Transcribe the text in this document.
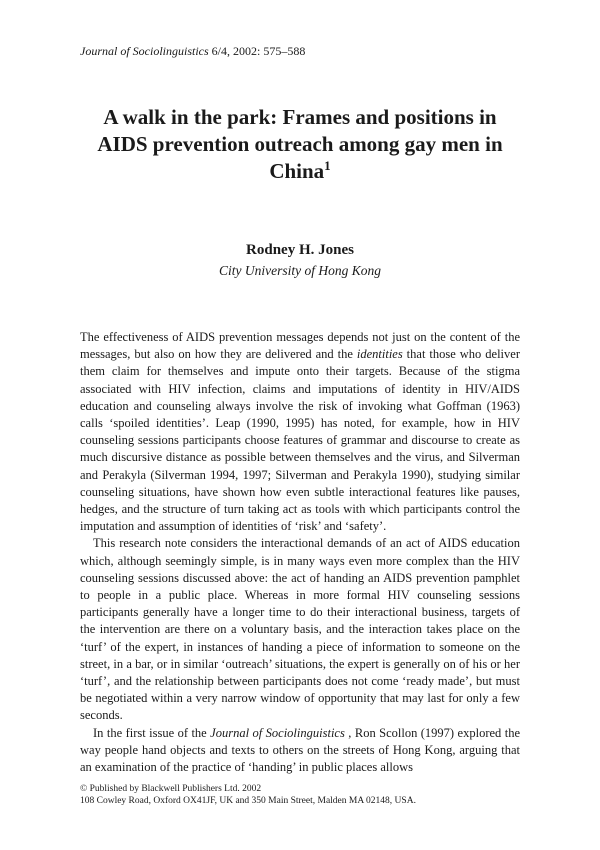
Journal of Sociolinguistics 6/4, 2002: 575–588
A walk in the park: Frames and positions in AIDS prevention outreach among gay men in China$^1$
Rodney H. Jones
City University of Hong Kong

The effectiveness of AIDS prevention messages depends not just on the content of the messages, but also on how they are delivered and the identities that those who deliver them claim for themselves and impute onto their targets. Because of the stigma associated with HIV infection, claims and imputations of identity in HIV/AIDS education and counseling always involve the risk of invoking what Goffman (1963) calls ‘spoiled identities’. Leap (1990, 1995) has noted, for example, how in HIV counseling sessions participants choose features of grammar and discourse to create as much discursive distance as possible between themselves and the virus, and Silverman and Perakyla (Silverman 1994, 1997; Silverman and Perakyla 1990), studying similar counseling situations, have shown how even subtle interactional features like pauses, hedges, and the structure of turn taking act as tools with which participants control the imputation and assumption of identities of ‘risk’ and ‘safety’.

This research note considers the interactional demands of an act of AIDS education which, although seemingly simple, is in many ways even more complex than the HIV counseling sessions discussed above: the act of handing an AIDS prevention pamphlet to people in a public place. Whereas in more formal HIV counseling sessions participants generally have a longer time to do their interactional business, targets of the intervention are there on a voluntary basis, and the interaction takes place on the ‘turf’ of the expert, in instances of handing a piece of information to someone on the street, in a bar, or in similar ‘outreach’ situations, the expert is generally on of his or her ‘turf’, and the relationship between participants does not come ‘ready made’, but must be negotiated within a very narrow window of opportunity that may last for only a few seconds.

In the first issue of the Journal of Sociolinguistics , Ron Scollon (1997) explored the way people hand objects and texts to others on the streets of Hong Kong, arguing that an examination of the practice of ‘handing’ in public places allows

© Published by Blackwell Publishers Ltd. 2002
108 Cowley Road, Oxford OX41JF, UK and 350 Main Street, Malden MA 02148, USA.
